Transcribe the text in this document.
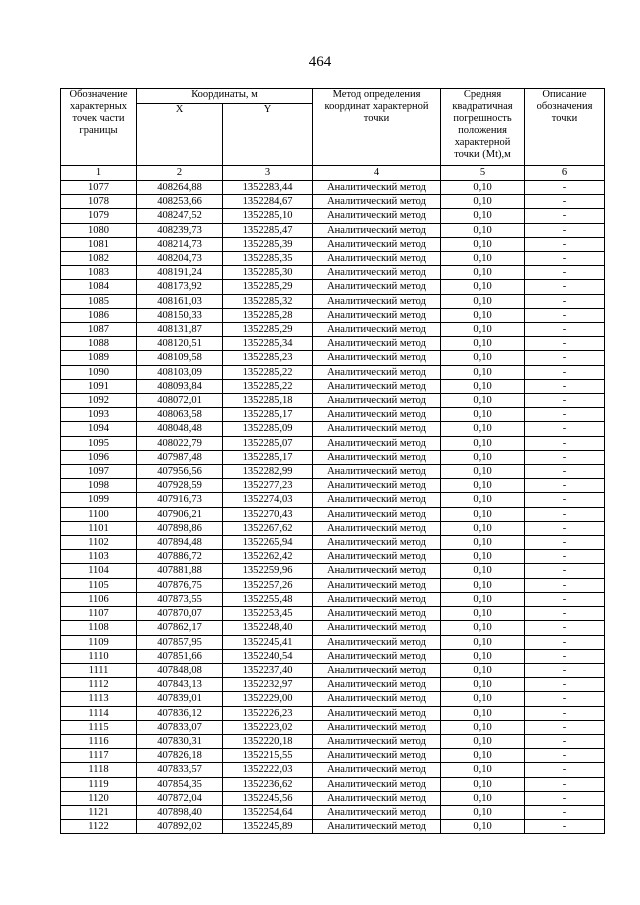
464
Обозначение характерных точек части границы	Координаты, м		Метод определения координат характерной точки	Средняя квадратичная погрешность положения характерной точки (Mt),м	Описание обозначения точки
	X	Y			
1	2	3	4	5	6
1077	408264,88	1352283,44	Аналитический метод	0,10	-
1078	408253,66	1352284,67	Аналитический метод	0,10	-
1079	408247,52	1352285,10	Аналитический метод	0,10	-
1080	408239,73	1352285,47	Аналитический метод	0,10	-
1081	408214,73	1352285,39	Аналитический метод	0,10	-
1082	408204,73	1352285,35	Аналитический метод	0,10	-
1083	408191,24	1352285,30	Аналитический метод	0,10	-
1084	408173,92	1352285,29	Аналитический метод	0,10	-
1085	408161,03	1352285,32	Аналитический метод	0,10	-
1086	408150,33	1352285,28	Аналитический метод	0,10	-
1087	408131,87	1352285,29	Аналитический метод	0,10	-
1088	408120,51	1352285,34	Аналитический метод	0,10	-
1089	408109,58	1352285,23	Аналитический метод	0,10	-
1090	408103,09	1352285,22	Аналитический метод	0,10	-
1091	408093,84	1352285,22	Аналитический метод	0,10	-
1092	408072,01	1352285,18	Аналитический метод	0,10	-
1093	408063,58	1352285,17	Аналитический метод	0,10	-
1094	408048,48	1352285,09	Аналитический метод	0,10	-
1095	408022,79	1352285,07	Аналитический метод	0,10	-
1096	407987,48	1352285,17	Аналитический метод	0,10	-
1097	407956,56	1352282,99	Аналитический метод	0,10	-
1098	407928,59	1352277,23	Аналитический метод	0,10	-
1099	407916,73	1352274,03	Аналитический метод	0,10	-
1100	407906,21	1352270,43	Аналитический метод	0,10	-
1101	407898,86	1352267,62	Аналитический метод	0,10	-
1102	407894,48	1352265,94	Аналитический метод	0,10	-
1103	407886,72	1352262,42	Аналитический метод	0,10	-
1104	407881,88	1352259,96	Аналитический метод	0,10	-
1105	407876,75	1352257,26	Аналитический метод	0,10	-
1106	407873,55	1352255,48	Аналитический метод	0,10	-
1107	407870,07	1352253,45	Аналитический метод	0,10	-
1108	407862,17	1352248,40	Аналитический метод	0,10	-
1109	407857,95	1352245,41	Аналитический метод	0,10	-
1110	407851,66	1352240,54	Аналитический метод	0,10	-
1111	407848,08	1352237,40	Аналитический метод	0,10	-
1112	407843,13	1352232,97	Аналитический метод	0,10	-
1113	407839,01	1352229,00	Аналитический метод	0,10	-
1114	407836,12	1352226,23	Аналитический метод	0,10	-
1115	407833,07	1352223,02	Аналитический метод	0,10	-
1116	407830,31	1352220,18	Аналитический метод	0,10	-
1117	407826,18	1352215,55	Аналитический метод	0,10	-
1118	407833,57	1352222,03	Аналитический метод	0,10	-
1119	407854,35	1352236,62	Аналитический метод	0,10	-
1120	407872,04	1352245,56	Аналитический метод	0,10	-
1121	407898,40	1352254,64	Аналитический метод	0,10	-
1122	407892,02	1352245,89	Аналитический метод	0,10	-
